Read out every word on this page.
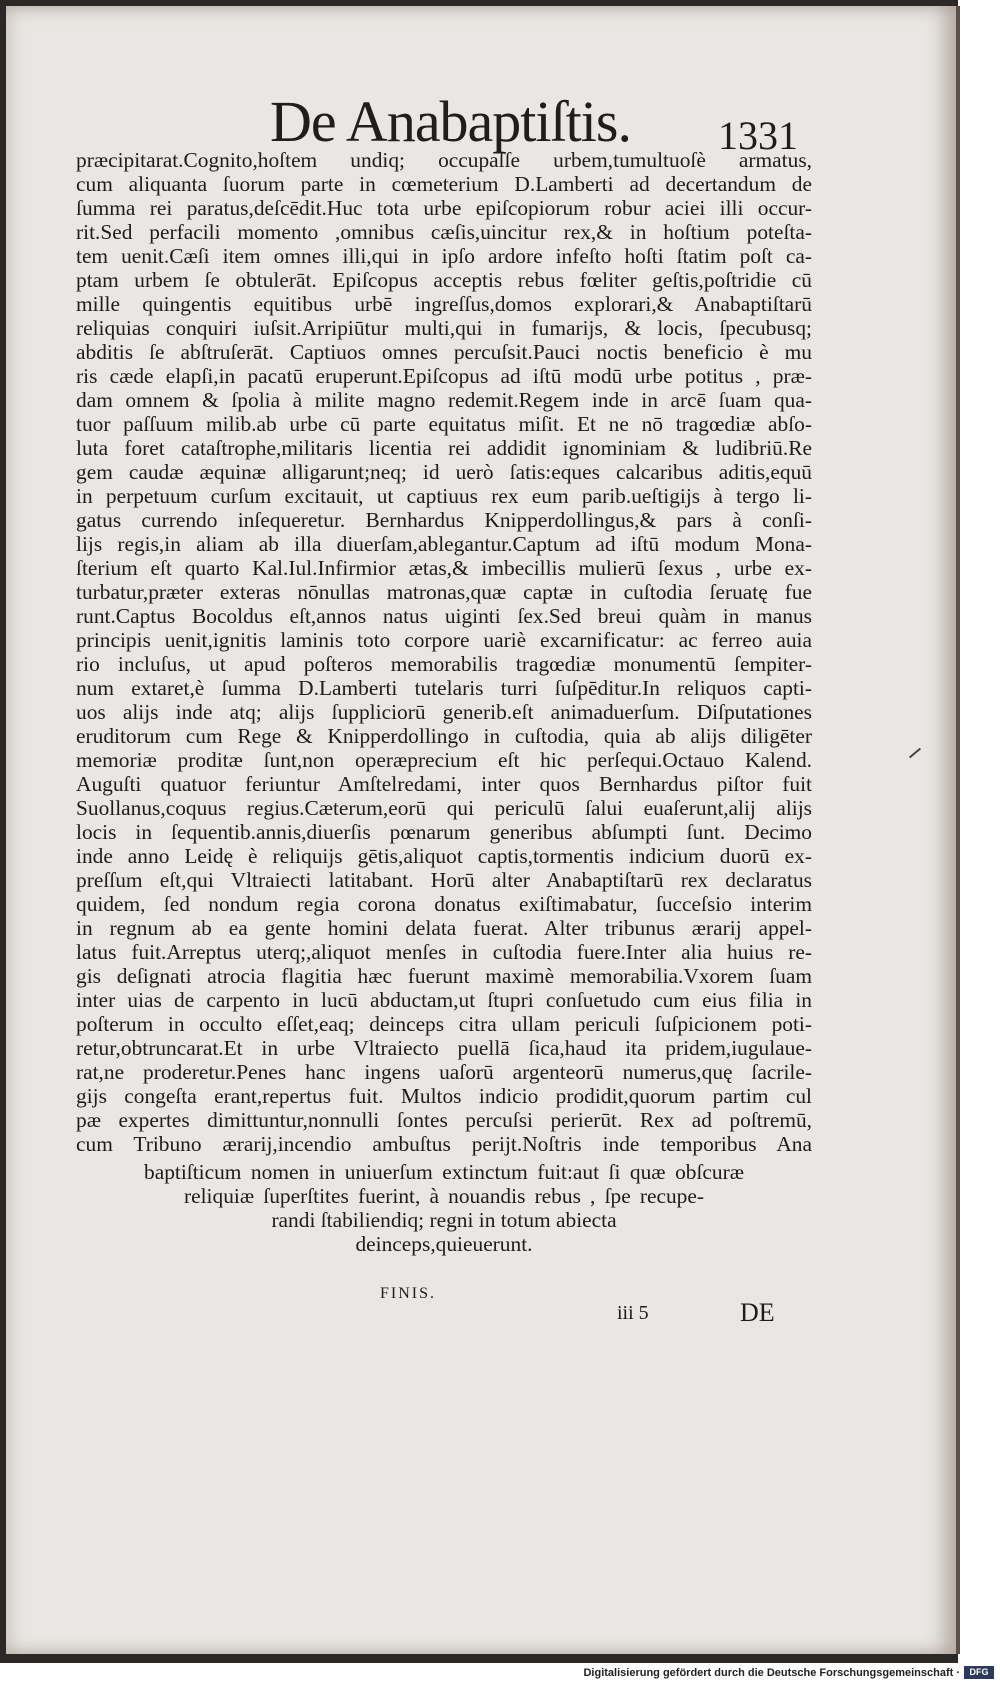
De Anabaptiſtis. 1331
præcipitarat.Cognito,hoſtem undiq; occupaſſe urbem,tumultuoſè armatus,
cum aliquanta ſuorum parte in cœmeterium D.Lamberti ad decertandum de
ſumma rei paratus,deſcēdit.Huc tota urbe epiſcopiorum robur aciei illi occur-
rit.Sed perfacili momento ,omnibus cæſis,uincitur rex,& in hoſtium poteſta-
tem uenit.Cæſi item omnes illi,qui in ipſo ardore infeſto hoſti ſtatim poſt ca-
ptam urbem ſe obtulerāt. Epiſcopus acceptis rebus fœliter geſtis,poſtridie cū
mille quingentis equitibus urbē ingreſſus,domos explorari,& Anabaptiſtarū
reliquias conquiri iuſsit.Arripiūtur multi,qui in fumarijs, & locis, ſpecubusq;
abditis ſe abſtruſerāt. Captiuos omnes percuſsit.Pauci noctis beneficio è mu
ris cæde elapſi,in pacatū eruperunt.Epiſcopus ad iſtū modū urbe potitus , præ-
dam omnem & ſpolia à milite magno redemit.Regem inde in arcē ſuam qua-
tuor paſſuum milib.ab urbe cū parte equitatus miſit. Et ne nō tragœdiæ abſo-
luta foret cataſtrophe,militaris licentia rei addidit ignominiam & ludibriū.Re
gem caudæ æquinæ alligarunt;neq; id uerò ſatis:eques calcaribus aditis,equū
in perpetuum curſum excitauit, ut captiuus rex eum parib.ueſtigijs à tergo li-
gatus currendo inſequeretur. Bernhardus Knipperdollingus,& pars à conſi-
lijs regis,in aliam ab illa diuerſam,ablegantur.Captum ad iſtū modum Mona-
ſterium eſt quarto Kal.Iul.Infirmior ætas,& imbecillis mulierū ſexus , urbe ex-
turbatur,præter exteras nōnullas matronas,quæ captæ in cuſtodia ſeruatę fue
runt.Captus Bocoldus eſt,annos natus uiginti ſex.Sed breui quàm in manus
principis uenit,ignitis laminis toto corpore uariè excarnificatur: ac ferreo auia
rio incluſus, ut apud poſteros memorabilis tragœdiæ monumentū ſempiter-
num extaret,è ſumma D.Lamberti tutelaris turri ſuſpēditur.In reliquos capti-
uos alijs inde atq; alijs ſuppliciorū generib.eſt animaduerſum. Diſputationes
eruditorum cum Rege & Knipperdollingo in cuſtodia, quia ab alijs diligēter
memoriæ proditæ ſunt,non operæprecium eſt hic perſequi.Octauo Kalend.
Auguſti quatuor feriuntur Amſtelredami, inter quos Bernhardus piſtor fuit
Suollanus,coquus regius.Cæterum,eorū qui periculū ſalui euaſerunt,alij alijs
locis in ſequentib.annis,diuerſis pœnarum generibus abſumpti ſunt. Decimo
inde anno Leidę è reliquijs gētis,aliquot captis,tormentis indicium duorū ex-
preſſum eſt,qui Vltraiecti latitabant. Horū alter Anabaptiſtarū rex declaratus
quidem, ſed nondum regia corona donatus exiſtimabatur, ſucceſsio interim
in regnum ab ea gente homini delata fuerat. Alter tribunus ærarij appel-
latus fuit.Arreptus uterq;,aliquot menſes in cuſtodia fuere.Inter alia huius re-
gis deſignati atrocia flagitia hæc fuerunt maximè memorabilia.Vxorem ſuam
inter uias de carpento in lucū abductam,ut ſtupri conſuetudo cum eius filia in
poſterum in occulto eſſet,eaq; deinceps citra ullam periculi ſuſpicionem poti-
retur,obtruncarat.Et in urbe Vltraiecto puellā ſica,haud ita pridem,iugulaue-
rat,ne proderetur.Penes hanc ingens uaſorū argenteorū numerus,quę ſacrile-
gijs congeſta erant,repertus fuit. Multos indicio prodidit,quorum partim cul
pæ expertes dimittuntur,nonnulli ſontes percuſsi perierūt. Rex ad poſtremū,
cum Tribuno ærarij,incendio ambuſtus perijt.Noſtris inde temporibus Ana
baptiſticum nomen in uniuerſum extinctum fuit:aut ſi quæ obſcuræ
reliquiæ ſuperſtites fuerint, à nouandis rebus , ſpe recupe-
randi ſtabiliendiq; regni in totum abiecta
deinceps,quieuerunt.
FINIS.
iii 5	DE
Digitalisierung gefördert durch die Deutsche Forschungsgemeinschaft ·	DFG
